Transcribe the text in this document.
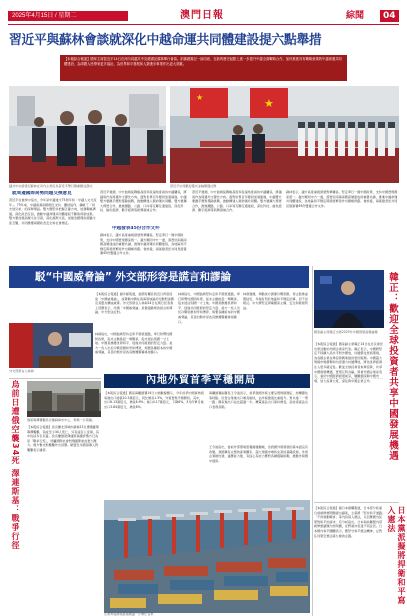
2025年4月15日 / 星期二	澳門日報	綜聞 04
習近平與蘇林會談就深化中越命運共同體建設提六點舉措
【本報綜合報道】國家主席習近平14日在河內同越共中央總書記蘇林舉行會談。兩黨總書記一致同意，在新的歷史起點上進一步提升中越全面戰略合作，加快推進具有戰略意義的中越命運共同體建設，為兩國人民帶來更多福祉，為世界和平發展和人類進步事業作出更大貢獻。
★	★
越共中央總書記蘇林在河內主席府為習近平舉行隆重歡迎儀式	習近平出席歡迎儀式並檢閱儀仗隊
就周邊國際局勢問題交換意見
習近平在會談中指出，今年是中越建交75周年和「中越人文交流年」。75年來，中越兩黨兩國相互支持、團結協作，鑄就了「同志加兄弟」的深厚情誼。雙方應堅持把握正確方向，加強戰略溝通，深化政治互信，推動中越命運共同體建設不斷取得新成果。雙方要加強高層交往引領，深化黨際交流，加強治國理政經驗交流互鑒，共同維護兩國政治安全和社會穩定。
習近平強調，中方始終從戰略高度和長遠角度看待中越關係，將越南作為周邊外交優先方向。面對世界百年變局加速演進，中越雙方要攜手應對風險挑戰，推動構建人類命運共同體。雙方要擴大務實合作，推進鐵路、公路、口岸等互聯互通建設，深化科技、綠色經濟、數字經濟等新興領域合作。
中越發表45份合作文件
蘇林表示，越方高度重視發展對華關係，堅定奉行一個中國政策，支持中國實現國家統一。越方願同中方一道，落實好兩黨兩國高層達成的重要共識，推進中越命運共同體建設，為地區和平穩定與發展繁榮作出積極貢獻。會談後，兩黨總書記共同見證簽署45份雙邊合作文件。
習近平強調，中方始終從戰略高度和長遠角度看待中越關係，將越南作為周邊外交優先方向。面對世界百年變局加速演進，中越雙方要攜手應對風險挑戰，推動構建人類命運共同體。雙方要擴大務實合作，推進鐵路、公路、口岸等互聯互通建設，深化科技、綠色經濟、數字經濟等新興領域合作。
蘇林表示，越方高度重視發展對華關係，堅定奉行一個中國政策，支持中國實現國家統一。越方願同中方一道，落實好兩黨兩國高層達成的重要共識，推進中越命運共同體建設，為地區和平穩定與發展繁榮作出積極貢獻。會談後，兩黨總書記共同見證簽署45份雙邊合作文件。
駁“中國威脅論” 外交部形容是謊言和謬論
【本報綜合報道】據外媒報道，美國有關官員近日再度渲染「中國威脅論」，並聲稱中國在南海等地區的行動對美國及其盟友構成威脅。外交部發言人林劍14日在例行記者會上回應表示，所謂「中國威脅論」是徹頭徹尾的謊言和謬論，中方堅決反對。
林劍指出，中國始終堅持走和平發展道路，奉行防禦性國防政策，從未主動挑起一場戰爭，從未侵佔別國一寸土地。中國是維護世界和平、促進共同發展的堅定力量。美方一些人出於冷戰思維和零和博弈，炮製各種版本的中國威脅論，其目的無非是為其維護霸權尋找藉口。
林劍強調，奉勸美方摒棄冷戰思維，停止散佈虛假信息，多做有利於地區和平穩定的事，而不是相反。中方將堅定捍衛國家主權、安全和發展利益。
林劍指出，中國始終堅持走和平發展道路，奉行防禦性國防政策，從未主動挑起一場戰爭，從未侵佔別國一寸土地。中國是維護世界和平、促進共同發展的堅定力量。美方一些人出於冷戰思維和零和博弈，炮製各種版本的中國威脅論，其目的無非是為其維護霸權尋找藉口。
外交部發言人林劍	韓正：歡迎全球投資者共享中國發展機遇
國家副主席韓正出席2025年中國發展高層論壇
【本報綜合報道】國家副主席韓正14日在北京會見出席活動的外國企業家代表。韓正表示，中國將堅定不移擴大高水平對外開放，持續優化營商環境，為各國企業在華投資興業提供更好服務。中國超大規模市場優勢和內需潛力持續釋放，將為世界經濟注入更多確定性。歡迎全球投資者來華投資，共享中國發展機遇，實現互利共贏。與會外國企業家表示，看好中國經濟發展前景，願繼續深耕中國市場，加大投資力度，深化與中國企業合作。
俄軍導彈襲擊烏克蘭蘇梅市中心，現場一片狼藉。
烏前日遭俄空襲34死 澤連斯基：戰爭行徑 【本報綜合報道】烏克蘭北部城市蘇梅13日遭俄羅斯導彈襲擊，造成至少34人死亡，另有逾百人受傷，其中包括多名兒童。烏克蘭總統澤連斯基譴責俄方行為是「戰爭行徑」，呼籲國際社會對俄羅斯施加更大壓力。俄方暫未對襲擊作出回應。歐盟及多國領導人對襲擊表示譴責。
內地外貿首季平穩開局
【本報綜合報道】國家海關總署14日公佈數據顯示，今年首季中國貨物貿易進出口總值10.3萬億元，同比增長1.3%，外貿實現平穩開局。其中，出口6.13萬億元，增長6.9%；進口4.17萬億元，下降6%。3月份單月進出口3.84萬億元，增長6%。
海關總署副署長王令浚表示，首季我國外貿主要呈現規模穩定、結構優化等特點。民營企業進出口增長較快，佔外貿總值比重提升。對共建「一帶一路」國家進出口佔比超過一半。機電產品出口保持增長，高技術產品出口表現亮眼。
王令浚指出，當前外部環境更趨複雜嚴峻，但我國外貿發展的基本面沒有改變。我國擁有完整的產業體系、超大規模市場和完善的基礎設施，外貿企業韌性強、適應能力強，有信心有能力應對各種風險挑戰，推動外貿穩中提質。
山東青島港集裝箱碼頭一片繁忙景象
日本黨派擬將捍衛和平寫入憲法
【本報綜合報道】據日本媒體報道，日本部分政黨日前就修憲問題提出議案，主張將「堅持和平道路」「不再發動戰爭」等內容寫入憲法，以回應國內民眾對和平的訴求。有分析指出，日本執政聯盟內部就修憲議題分歧明顯，在野黨亦表達不同意見。日本國內和平團體表示，應堅守和平憲法精神，反對任何架空憲法第九條的企圖。
